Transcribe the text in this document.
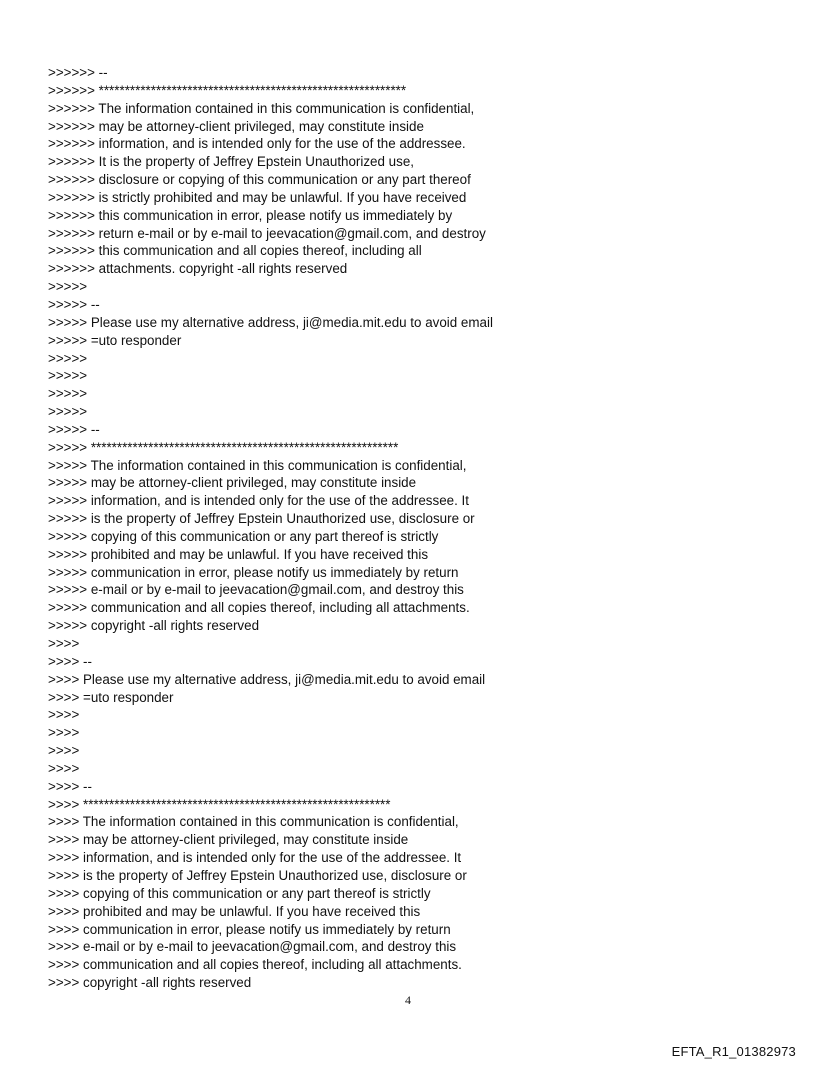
>>>>>> --
>>>>>> ***********************************************************
>>>>>> The information contained in this communication is confidential,
>>>>>> may be attorney-client privileged, may constitute inside
>>>>>> information, and is intended only for the use of the addressee.
>>>>>> It is the property of Jeffrey Epstein Unauthorized use,
>>>>>> disclosure or copying of this communication or any part thereof
>>>>>> is strictly prohibited and may be unlawful. If you have received
>>>>>> this communication in error, please notify us immediately by
>>>>>> return e-mail or by e-mail to jeevacation@gmail.com, and destroy
>>>>>> this communication and all copies thereof, including all
>>>>>> attachments. copyright -all rights reserved
>>>>>
>>>>> --
>>>>> Please use my alternative address, ji@media.mit.edu to avoid email
>>>>> =uto responder
>>>>>
>>>>>
>>>>>
>>>>>
>>>>> --
>>>>> ***********************************************************
>>>>> The information contained in this communication is confidential,
>>>>> may be attorney-client privileged, may constitute inside
>>>>> information, and is intended only for the use of the addressee. It
>>>>> is the property of Jeffrey Epstein Unauthorized use, disclosure or
>>>>> copying of this communication or any part thereof is strictly
>>>>> prohibited and may be unlawful. If you have received this
>>>>> communication in error, please notify us immediately by return
>>>>> e-mail or by e-mail to jeevacation@gmail.com, and destroy this
>>>>> communication and all copies thereof, including all attachments.
>>>>> copyright -all rights reserved
>>>>
>>>> --
>>>> Please use my alternative address, ji@media.mit.edu to avoid email
>>>> =uto responder
>>>>
>>>>
>>>>
>>>>
>>>> --
>>>> ***********************************************************
>>>> The information contained in this communication is confidential,
>>>> may be attorney-client privileged, may constitute inside
>>>> information, and is intended only for the use of the addressee. It
>>>> is the property of Jeffrey Epstein Unauthorized use, disclosure or
>>>> copying of this communication or any part thereof is strictly
>>>> prohibited and may be unlawful. If you have received this
>>>> communication in error, please notify us immediately by return
>>>> e-mail or by e-mail to jeevacation@gmail.com, and destroy this
>>>> communication and all copies thereof, including all attachments.
>>>> copyright -all rights reserved
4
EFTA_R1_01382973
